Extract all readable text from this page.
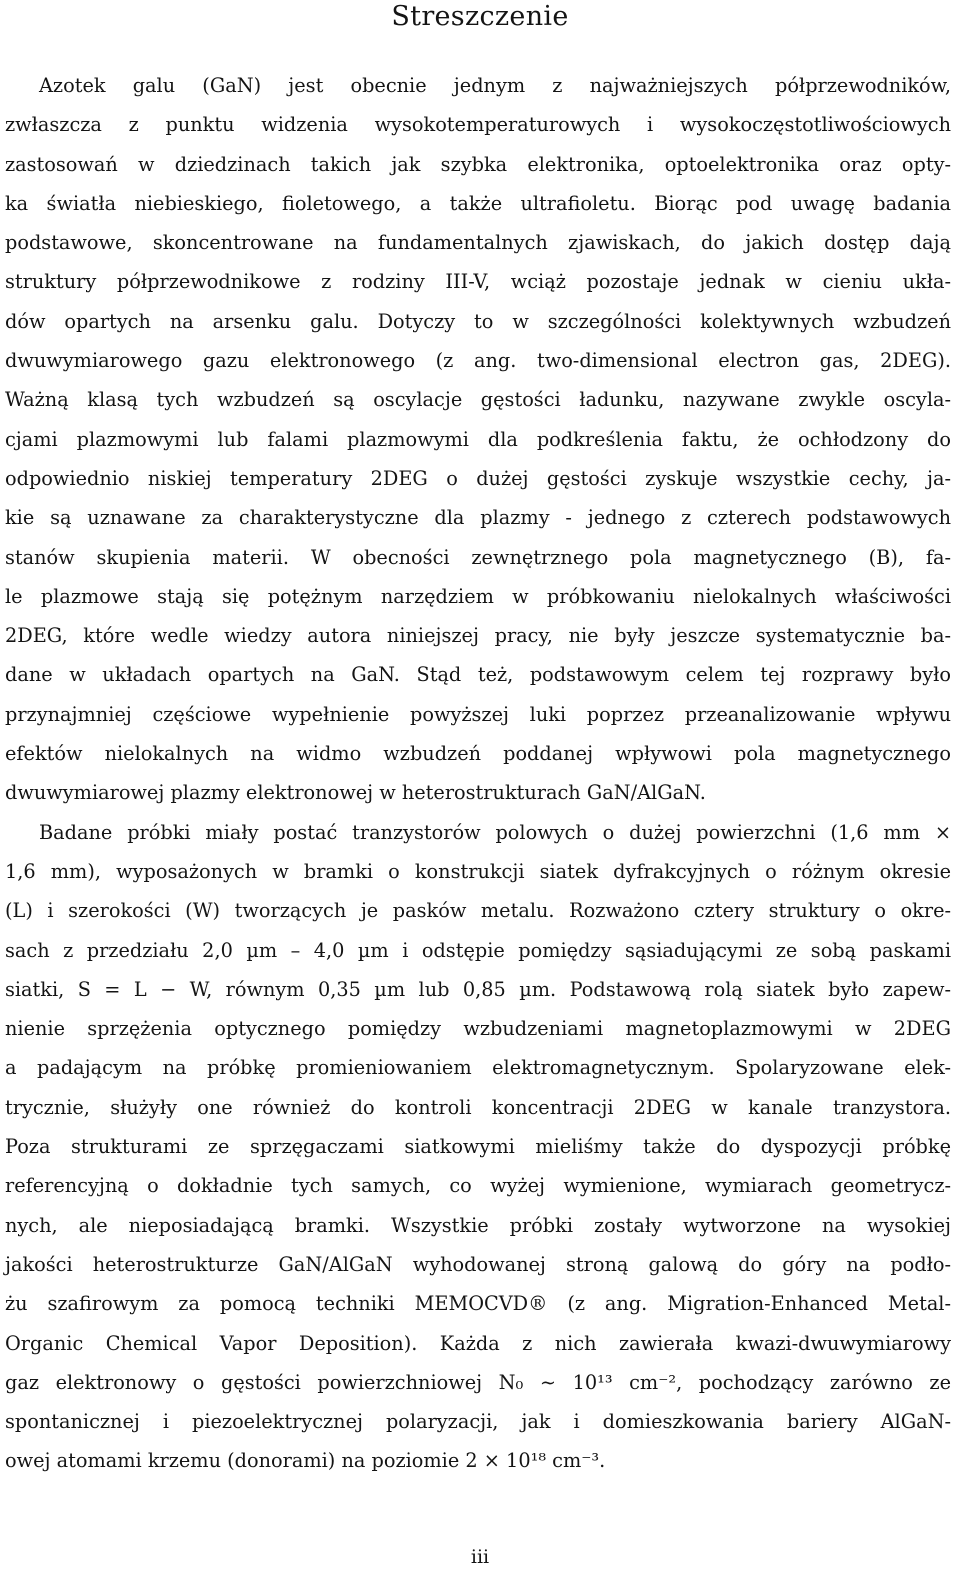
Streszczenie
Azotek galu (GaN) jest obecnie jednym z najważniejszych półprzewodników,
zwłaszcza z punktu widzenia wysokotemperaturowych i wysokoczęstotliwościowych
zastosowań w dziedzinach takich jak szybka elektronika, optoelektronika oraz opty-
ka światła niebieskiego, fioletowego, a także ultrafioletu. Biorąc pod uwagę badania
podstawowe, skoncentrowane na fundamentalnych zjawiskach, do jakich dostęp dają
struktury półprzewodnikowe z rodziny III-V, wciąż pozostaje jednak w cieniu ukła-
dów opartych na arsenku galu. Dotyczy to w szczególności kolektywnych wzbudzeń
dwuwymiarowego gazu elektronowego (z ang. two-dimensional electron gas, 2DEG).
Ważną klasą tych wzbudzeń są oscylacje gęstości ładunku, nazywane zwykle oscyla-
cjami plazmowymi lub falami plazmowymi dla podkreślenia faktu, że ochłodzony do
odpowiednio niskiej temperatury 2DEG o dużej gęstości zyskuje wszystkie cechy, ja-
kie są uznawane za charakterystyczne dla plazmy - jednego z czterech podstawowych
stanów skupienia materii. W obecności zewnętrznego pola magnetycznego (B), fa-
le plazmowe stają się potężnym narzędziem w próbkowaniu nielokalnych właściwości
2DEG, które wedle wiedzy autora niniejszej pracy, nie były jeszcze systematycznie ba-
dane w układach opartych na GaN. Stąd też, podstawowym celem tej rozprawy było
przynajmniej częściowe wypełnienie powyższej luki poprzez przeanalizowanie wpływu
efektów nielokalnych na widmo wzbudzeń poddanej wpływowi pola magnetycznego
dwuwymiarowej plazmy elektronowej w heterostrukturach GaN/AlGaN.
Badane próbki miały postać tranzystorów polowych o dużej powierzchni (1,6 mm ×
1,6 mm), wyposażonych w bramki o konstrukcji siatek dyfrakcyjnych o różnym okresie
(L) i szerokości (W) tworzących je pasków metalu. Rozważono cztery struktury o okre-
sach z przedziału 2,0 µm – 4,0 µm i odstępie pomiędzy sąsiadującymi ze sobą paskami
siatki, S = L − W, równym 0,35 µm lub 0,85 µm. Podstawową rolą siatek było zapew-
nienie sprzężenia optycznego pomiędzy wzbudzeniami magnetoplazmowymi w 2DEG
a padającym na próbkę promieniowaniem elektromagnetycznym. Spolaryzowane elek-
trycznie, służyły one również do kontroli koncentracji 2DEG w kanale tranzystora.
Poza strukturami ze sprzęgaczami siatkowymi mieliśmy także do dyspozycji próbkę
referencyjną o dokładnie tych samych, co wyżej wymienione, wymiarach geometrycz-
nych, ale nieposiadającą bramki. Wszystkie próbki zostały wytworzone na wysokiej
jakości heterostrukturze GaN/AlGaN wyhodowanej stroną galową do góry na podło-
żu szafirowym za pomocą techniki MEMOCVD® (z ang. Migration-Enhanced Metal-
Organic Chemical Vapor Deposition). Każda z nich zawierała kwazi-dwuwymiarowy
gaz elektronowy o gęstości powierzchniowej N₀ ∼ 10¹³ cm⁻², pochodzący zarówno ze
spontanicznej i piezoelektrycznej polaryzacji, jak i domieszkowania bariery AlGaN-
owej atomami krzemu (donorami) na poziomie 2 × 10¹⁸ cm⁻³.
iii
